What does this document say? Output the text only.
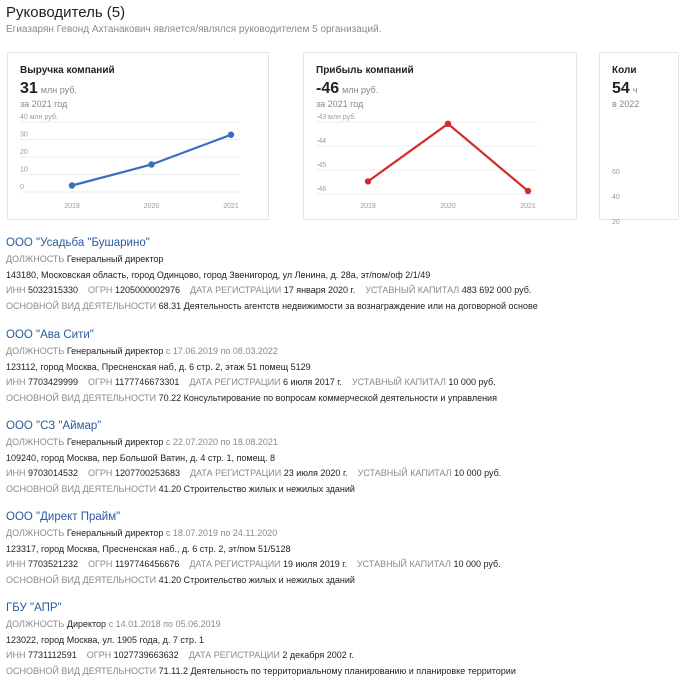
Руководитель (5)
Егиазарян Гевонд Ахтанакович является/являлся руководителем 5 организаций.
Выручка компаний
31 млн руб.
за 2021 год
40 млн руб.
30
20
10
0
2019	2020	2021
Прибыль компаний
-46 млн руб.
за 2021 год
-43 млн руб.
-44
-45
-46
2019	2020	2021
Коли
54 ч
в 2022
60
40
20
ООО "Усадьба "Бушарино"
ДОЛЖНОСТЬ Генеральный директор
143180, Московская область, город Одинцово, город Звенигород, ул Ленина, д. 28а, эт/пом/оф 2/1/49
ИНН 5032315330 ОГРН 1205000002976 ДАТА РЕГИСТРАЦИИ 17 января 2020 г. УСТАВНЫЙ КАПИТАЛ 483 692 000 руб.
ОСНОВНОЙ ВИД ДЕЯТЕЛЬНОСТИ 68.31 Деятельность агентств недвижимости за вознаграждение или на договорной основе
ООО "Ава Сити"
ДОЛЖНОСТЬ Генеральный директор с 17.06.2019 по 08.03.2022
123112, город Москва, Пресненская наб, д. 6 стр. 2, этаж 51 помещ 5129
ИНН 7703429999 ОГРН 1177746673301 ДАТА РЕГИСТРАЦИИ 6 июля 2017 г. УСТАВНЫЙ КАПИТАЛ 10 000 руб.
ОСНОВНОЙ ВИД ДЕЯТЕЛЬНОСТИ 70.22 Консультирование по вопросам коммерческой деятельности и управления
ООО "СЗ "Аймар"
ДОЛЖНОСТЬ Генеральный директор с 22.07.2020 по 18.08.2021
109240, город Москва, пер Большой Ватин, д. 4 стр. 1, помещ. 8
ИНН 9703014532 ОГРН 1207700253683 ДАТА РЕГИСТРАЦИИ 23 июля 2020 г. УСТАВНЫЙ КАПИТАЛ 10 000 руб.
ОСНОВНОЙ ВИД ДЕЯТЕЛЬНОСТИ 41.20 Строительство жилых и нежилых зданий
ООО "Директ Прайм"
ДОЛЖНОСТЬ Генеральный директор с 18.07.2019 по 24.11.2020
123317, город Москва, Пресненская наб., д. 6 стр. 2, эт/пом 51/5128
ИНН 7703521232 ОГРН 1197746456676 ДАТА РЕГИСТРАЦИИ 19 июля 2019 г. УСТАВНЫЙ КАПИТАЛ 10 000 руб.
ОСНОВНОЙ ВИД ДЕЯТЕЛЬНОСТИ 41.20 Строительство жилых и нежилых зданий
ГБУ "АПР"
ДОЛЖНОСТЬ Директор с 14.01.2018 по 05.06.2019
123022, город Москва, ул. 1905 года, д. 7 стр. 1
ИНН 7731112591 ОГРН 1027739663632 ДАТА РЕГИСТРАЦИИ 2 декабря 2002 г.
ОСНОВНОЙ ВИД ДЕЯТЕЛЬНОСТИ 71.11.2 Деятельность по территориальному планированию и планировке территории
